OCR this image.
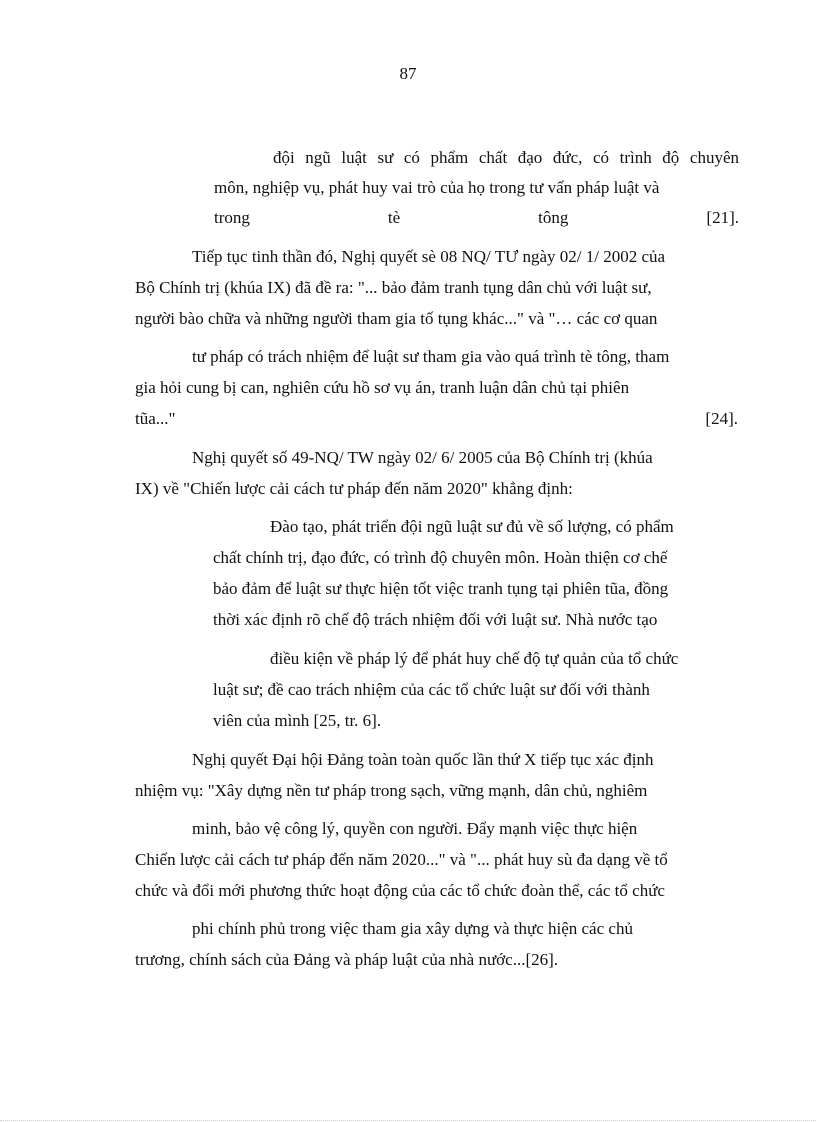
87
đội ngũ luật sư có phẩm chất đạo đức, có trình độ chuyên
môn, nghiệp vụ, phát huy vai trò của họ trong tư vấn pháp luật và
trong	tè	tông	[21].
Tiếp tục tinh thần đó, Nghị quyết sè 08 NQ/ TƯ ngày 02/ 1/ 2002 của
Bộ Chính trị (khúa IX) đã đề ra: "... bảo đảm tranh tụng dân chủ với luật sư,
người bào chữa và những người tham gia tố tụng khác..." và "… các cơ quan
tư pháp có trách nhiệm để luật sư tham gia vào quá trình tè tông, tham
gia hỏi cung bị can, nghiên cứu hồ sơ vụ án, tranh luận dân chủ tại phiên
tũa..."	[24].
Nghị quyết số 49-NQ/ TW ngày 02/ 6/ 2005 của Bộ Chính trị (khúa
IX) về "Chiến lược cải cách tư pháp đến năm 2020" khẳng định:
Đào tạo, phát triển đội ngũ luật sư đủ về số lượng, có phẩm
chất chính trị, đạo đức, có trình độ chuyên môn. Hoàn thiện cơ chế
bảo đảm để luật sư thực hiện tốt việc tranh tụng tại phiên tũa, đồng
thời xác định rõ chế độ trách nhiệm đối với luật sư. Nhà nước tạo
điều kiện về pháp lý để phát huy chế độ tự quản của tổ chức
luật sư; đề cao trách nhiệm của các tổ chức luật sư đối với thành
viên của mình [25, tr. 6].
Nghị quyết Đại hội Đảng toàn toàn quốc lần thứ X tiếp tục xác định
nhiệm vụ: "Xây dựng nền tư pháp trong sạch, vững mạnh, dân chủ, nghiêm
minh, bảo vệ công lý, quyền con người. Đẩy mạnh việc thực hiện
Chiến lược cải cách tư pháp đến năm 2020..." và "... phát huy sù đa dạng về tổ
chức và đổi mới phương thức hoạt động của các tổ chức đoàn thể, các tổ chức
phi chính phủ trong việc tham gia xây dựng và thực hiện các chủ
trương, chính sách của Đảng và pháp luật của nhà nước...[26].
